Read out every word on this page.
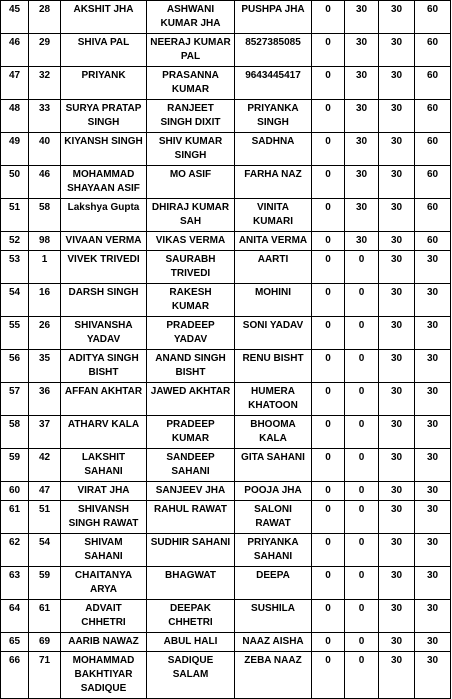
45	28	AKSHIT JHA	ASHWANI KUMAR JHA	PUSHPA JHA	0	30	30	60
46	29	SHIVA PAL	NEERAJ KUMAR PAL	8527385085	0	30	30	60
47	32	PRIYANK	PRASANNA KUMAR	9643445417	0	30	30	60
48	33	SURYA PRATAP SINGH	RANJEET SINGH DIXIT	PRIYANKA SINGH	0	30	30	60
49	40	KIYANSH SINGH	SHIV KUMAR SINGH	SADHNA	0	30	30	60
50	46	MOHAMMAD SHAYAAN ASIF	MO ASIF	FARHA NAZ	0	30	30	60
51	58	Lakshya Gupta	DHIRAJ KUMAR SAH	VINITA KUMARI	0	30	30	60
52	98	VIVAAN VERMA	VIKAS VERMA	ANITA VERMA	0	30	30	60
53	1	VIVEK TRIVEDI	SAURABH TRIVEDI	AARTI	0	0	30	30
54	16	DARSH SINGH	RAKESH KUMAR	MOHINI	0	0	30	30
55	26	SHIVANSHA YADAV	PRADEEP YADAV	SONI YADAV	0	0	30	30
56	35	ADITYA SINGH BISHT	ANAND SINGH BISHT	RENU BISHT	0	0	30	30
57	36	AFFAN AKHTAR	JAWED AKHTAR	HUMERA KHATOON	0	0	30	30
58	37	ATHARV KALA	PRADEEP KUMAR	BHOOMA KALA	0	0	30	30
59	42	LAKSHIT SAHANI	SANDEEP SAHANI	GITA SAHANI	0	0	30	30
60	47	VIRAT JHA	SANJEEV JHA	POOJA JHA	0	0	30	30
61	51	SHIVANSH SINGH RAWAT	RAHUL RAWAT	SALONI RAWAT	0	0	30	30
62	54	SHIVAM SAHANI	SUDHIR SAHANI	PRIYANKA SAHANI	0	0	30	30
63	59	CHAITANYA ARYA	BHAGWAT	DEEPA	0	0	30	30
64	61	ADVAIT CHHETRI	DEEPAK CHHETRI	SUSHILA	0	0	30	30
65	69	AARIB NAWAZ	ABUL HALI	NAAZ AISHA	0	0	30	30
66	71	MOHAMMAD BAKHTIYAR SADIQUE	SADIQUE SALAM	ZEBA NAAZ	0	0	30	30
